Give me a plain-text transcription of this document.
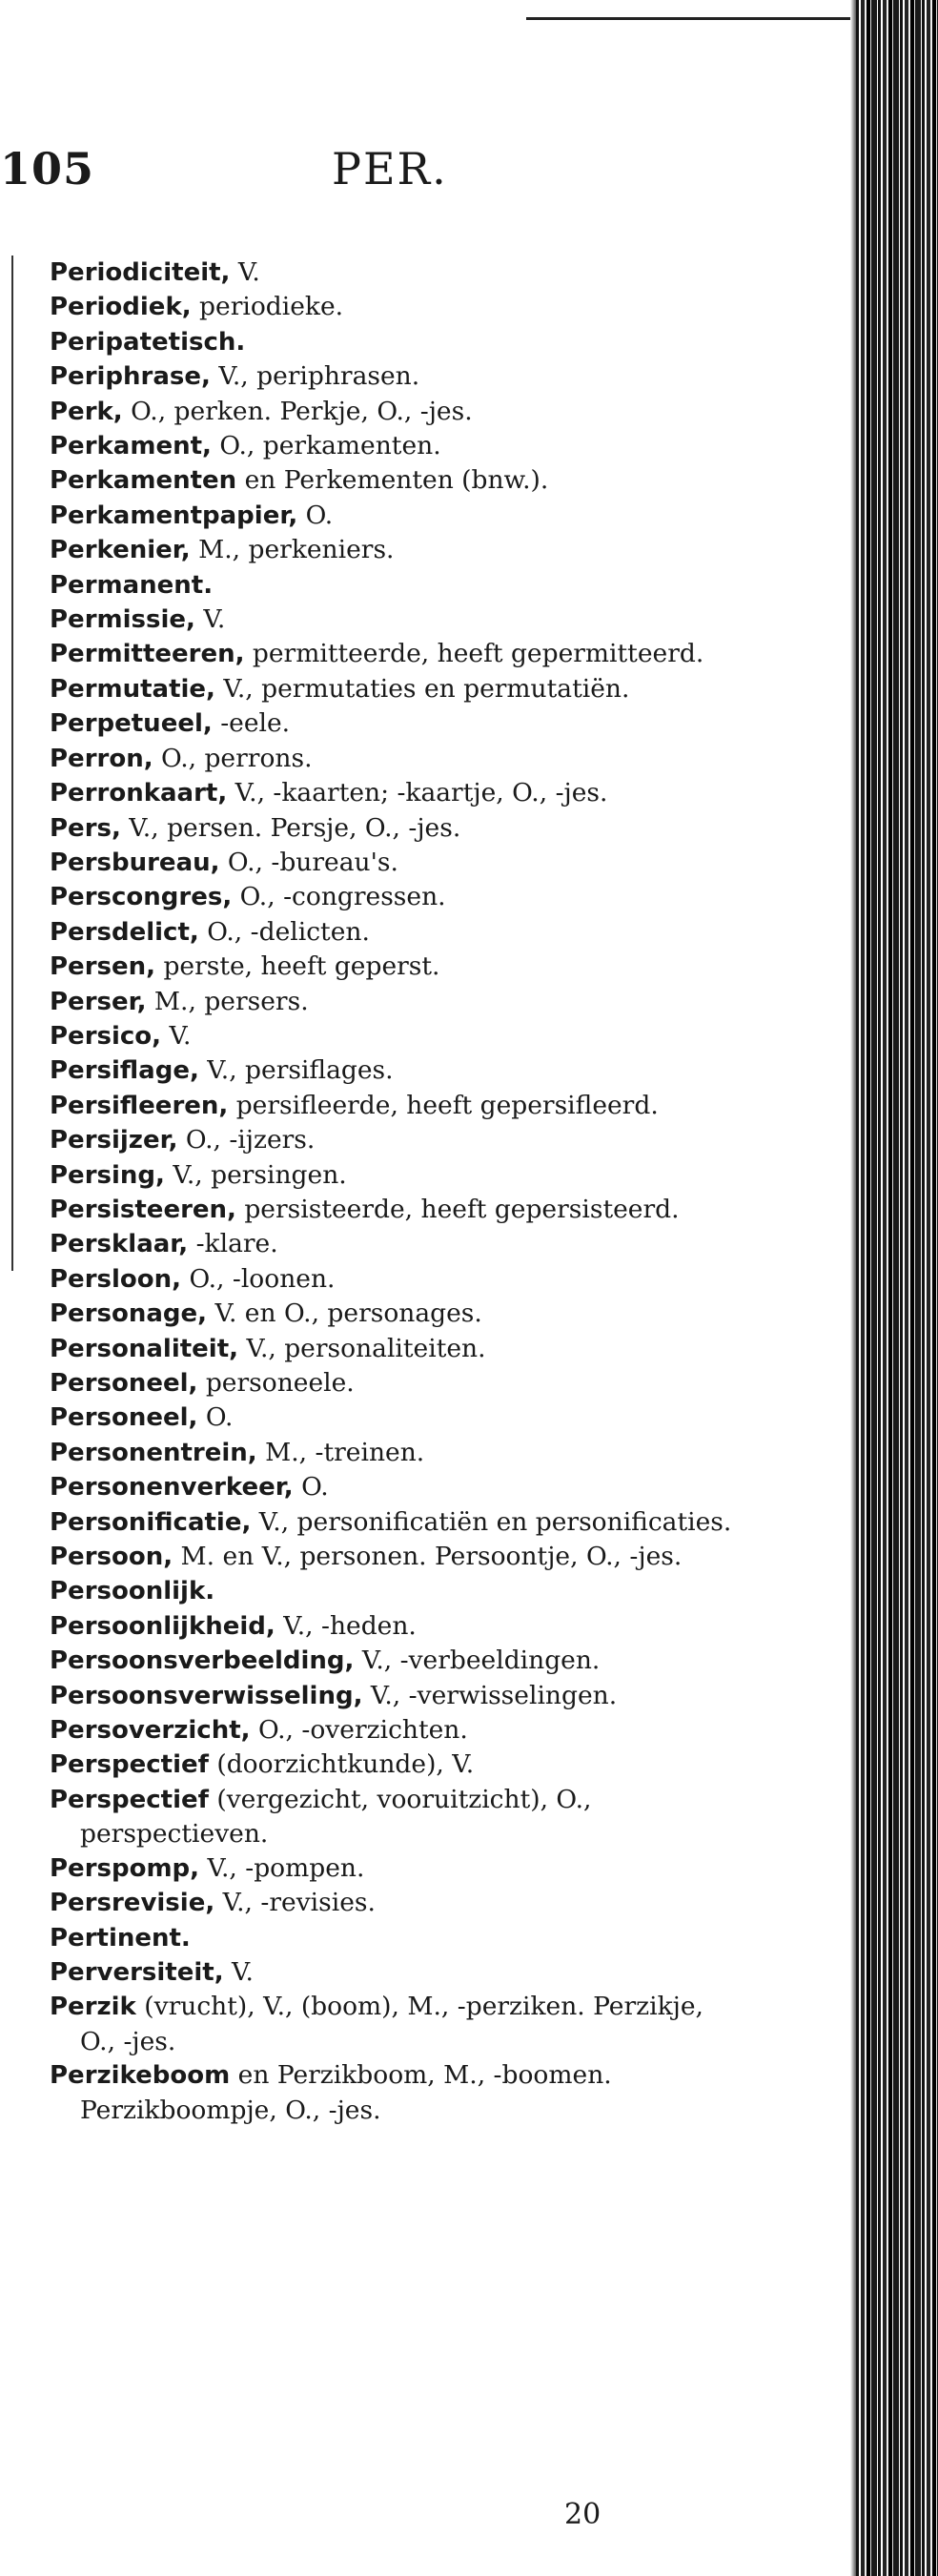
105	PER.
Periodiciteit, V.
Periodiek, periodieke.
Peripatetisch.
Periphrase, V., periphrasen.
Perk, O., perken. Perkje, O., -jes.
Perkament, O., perkamenten.
Perkamenten en Perkementen (bnw.).
Perkamentpapier, O.
Perkenier, M., perkeniers.
Permanent.
Permissie, V.
Permitteeren, permitteerde, heeft gepermitteerd.
Permutatie, V., permutaties en permutatiën.
Perpetueel, -eele.
Perron, O., perrons.
Perronkaart, V., -kaarten; -kaartje, O., -jes.
Pers, V., persen. Persje, O., -jes.
Persbureau, O., -bureau's.
Perscongres, O., -congressen.
Persdelict, O., -delicten.
Persen, perste, heeft geperst.
Perser, M., persers.
Persico, V.
Persiflage, V., persiflages.
Persifleeren, persifleerde, heeft gepersifleerd.
Persijzer, O., -ijzers.
Persing, V., persingen.
Persisteeren, persisteerde, heeft gepersisteerd.
Persklaar, -klare.
Persloon, O., -loonen.
Personage, V. en O., personages.
Personaliteit, V., personaliteiten.
Personeel, personeele.
Personeel, O.
Personentrein, M., -treinen.
Personenverkeer, O.
Personificatie, V., personificatiën en personificaties.
Persoon, M. en V., personen. Persoontje, O., -jes.
Persoonlijk.
Persoonlijkheid, V., -heden.
Persoonsverbeelding, V., -verbeeldingen.
Persoonsverwisseling, V., -verwisselingen.
Persoverzicht, O., -overzichten.
Perspectief (doorzichtkunde), V.
Perspectief (vergezicht, vooruitzicht), O., perspectieven.
Perspomp, V., -pompen.
Persrevisie, V., -revisies.
Pertinent.
Perversiteit, V.
Perzik (vrucht), V., (boom), M., -perziken. Perzikje, O., -jes.
Perzikeboom en Perzikboom, M., -boomen. Perzikboompje, O., -jes.
20
